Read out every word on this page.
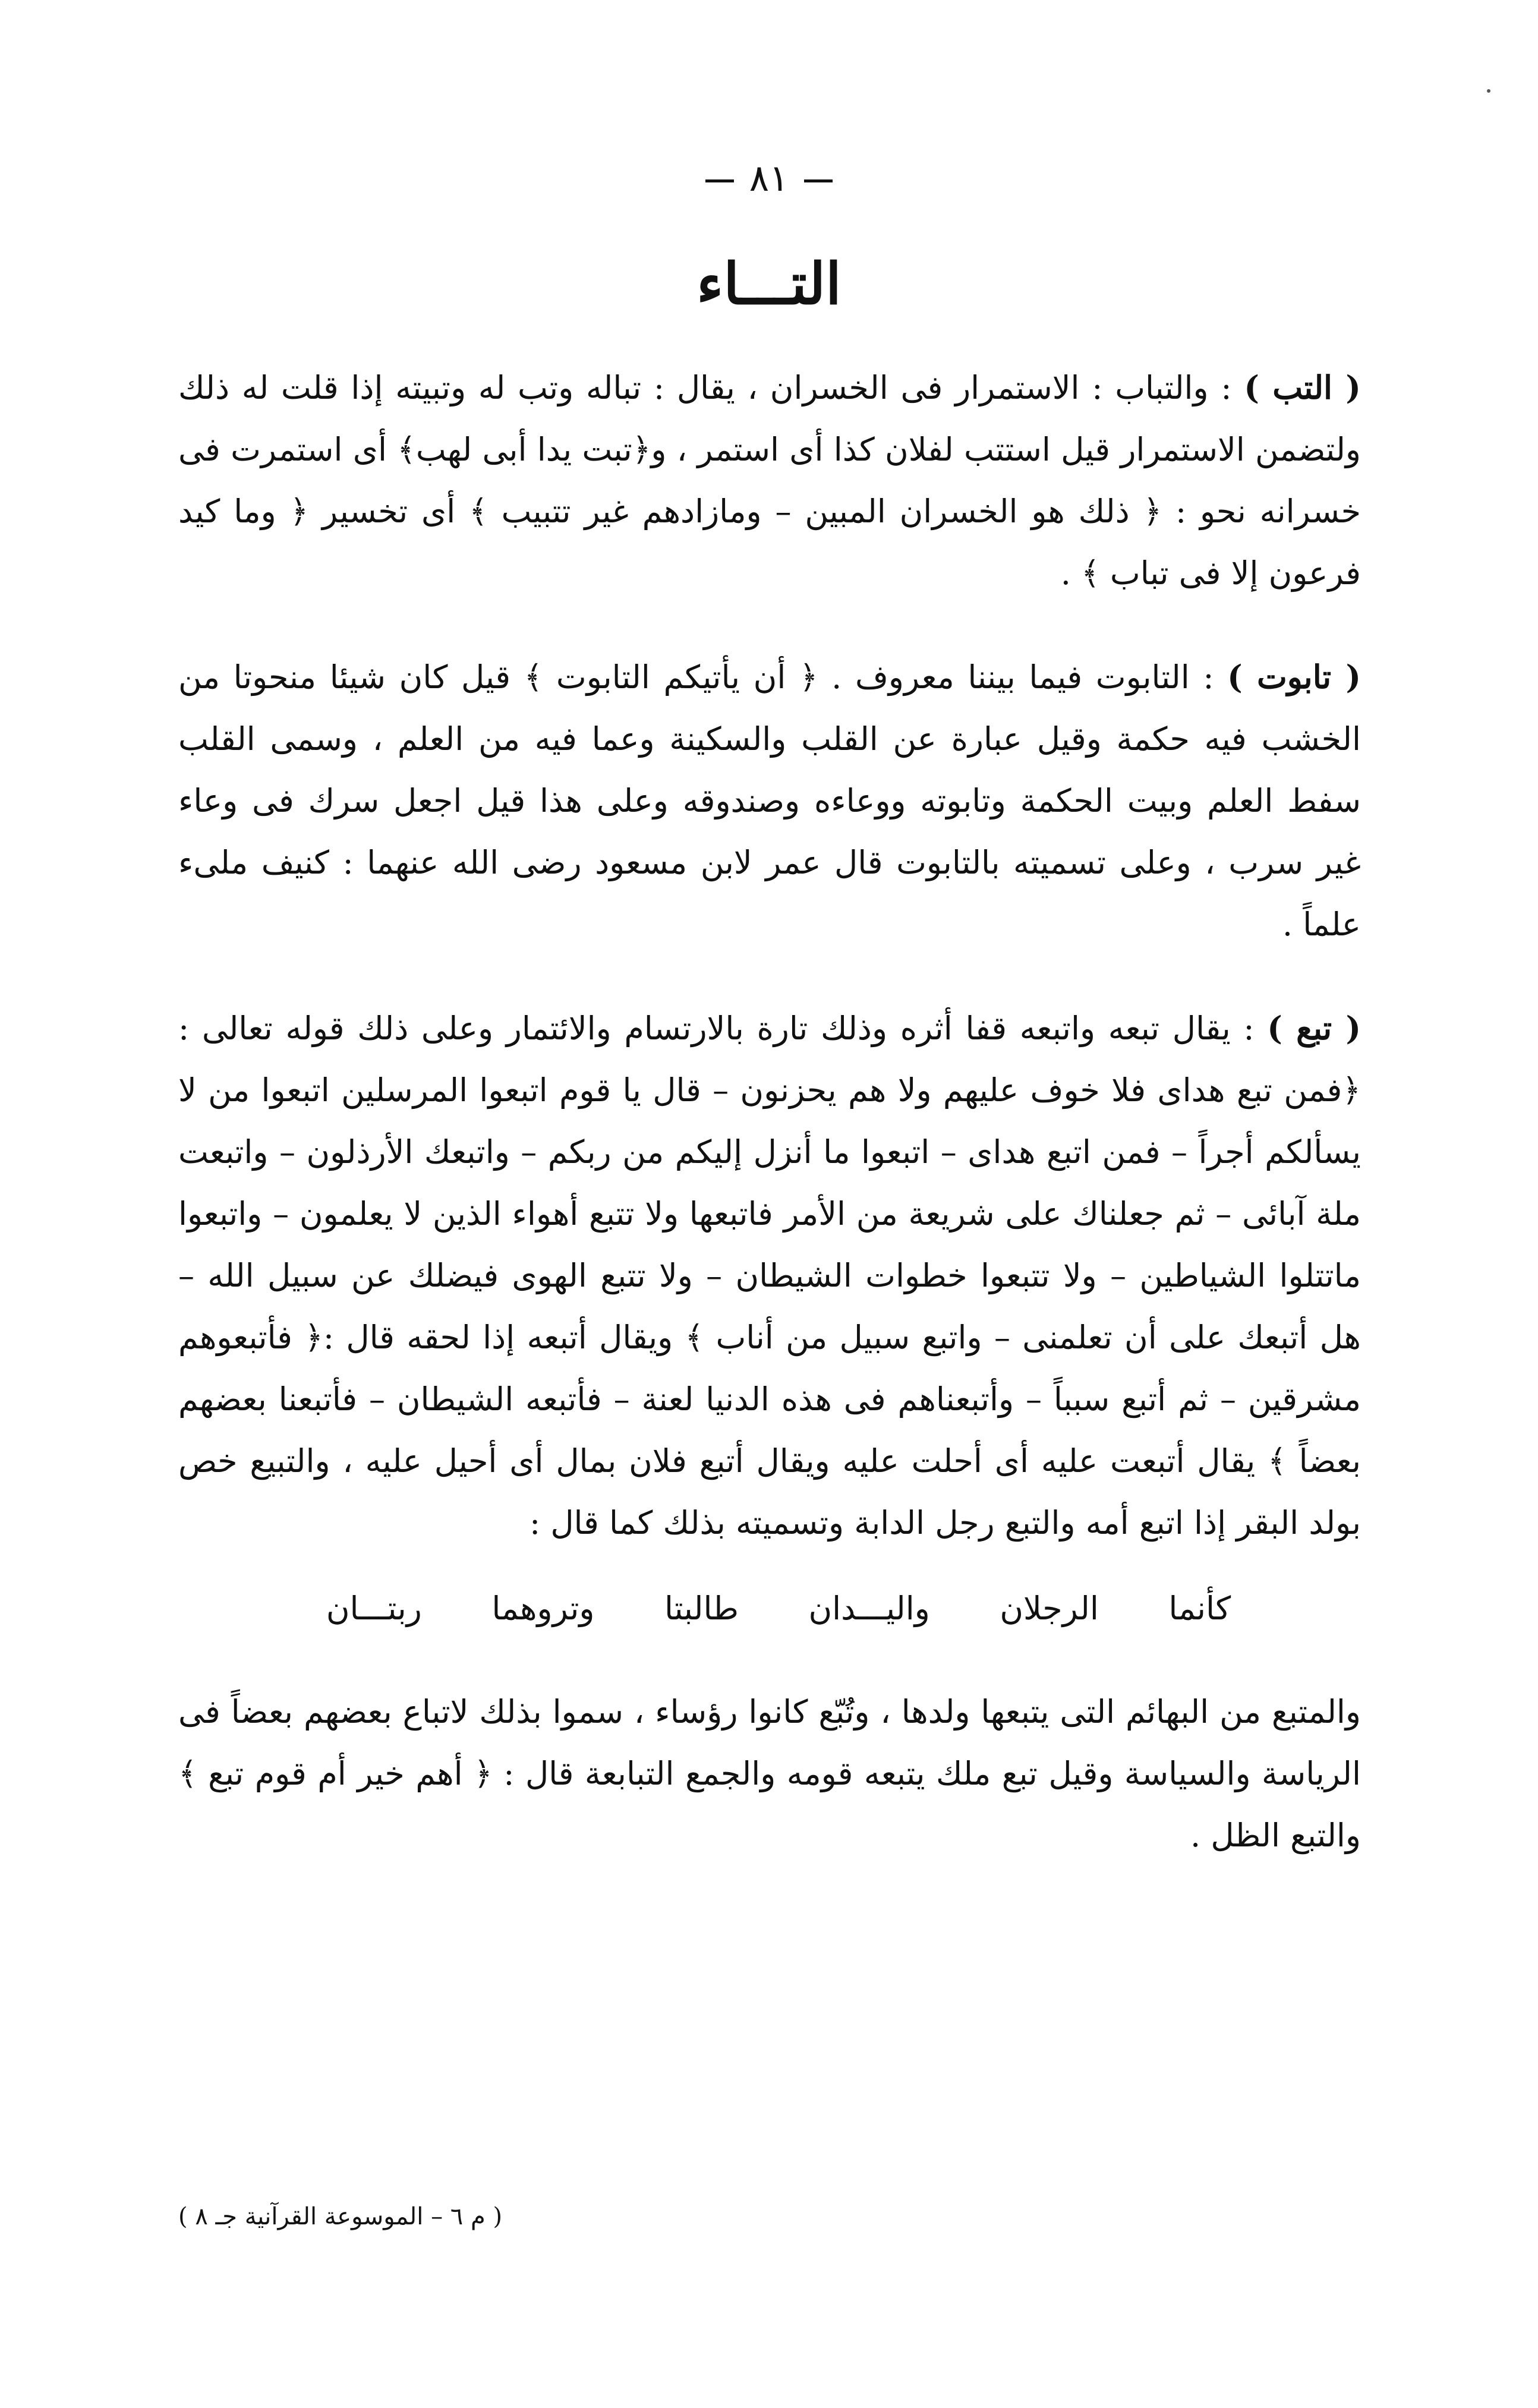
٨١
التـــاء

( التب ) : والتباب : الاستمرار فى الخسران ، يقال : تباله وتب له وتبيته إذا قلت له ذلك ولتضمن الاستمرار قيل استتب لفلان كذا أى استمر ، و﴿تبت يدا أبى لهب﴾ أى استمرت فى خسرانه نحو : ﴿ ذلك هو الخسران المبين – ومازادهم غير تتبيب ﴾ أى تخسير ﴿ وما كيد فرعون إلا فى تباب ﴾ .

( تابوت ) : التابوت فيما بيننا معروف . ﴿ أن يأتيكم التابوت ﴾ قيل كان شيئا منحوتا من الخشب فيه حكمة وقيل عبارة عن القلب والسكينة وعما فيه من العلم ، وسمى القلب سفط العلم وبيت الحكمة وتابوته ووعاءه وصندوقه وعلى هذا قيل اجعل سرك فى وعاء غير سرب ، وعلى تسميته بالتابوت قال عمر لابن مسعود رضى الله عنهما : كنيف ملىء علماً .

( تبع ) : يقال تبعه واتبعه قفا أثره وذلك تارة بالارتسام والائتمار وعلى ذلك قوله تعالى : ﴿فمن تبع هداى فلا خوف عليهم ولا هم يحزنون – قال يا قوم اتبعوا المرسلين اتبعوا من لا يسألكم أجراً – فمن اتبع هداى – اتبعوا ما أنزل إليكم من ربكم – واتبعك الأرذلون – واتبعت ملة آبائى – ثم جعلناك على شريعة من الأمر فاتبعها ولا تتبع أهواء الذين لا يعلمون – واتبعوا ماتتلوا الشياطين – ولا تتبعوا خطوات الشيطان – ولا تتبع الهوى فيضلك عن سبيل الله – هل أتبعك على أن تعلمنى – واتبع سبيل من أناب ﴾ ويقال أتبعه إذا لحقه قال :﴿ فأتبعوهم مشرقين – ثم أتبع سبباً – وأتبعناهم فى هذه الدنيا لعنة – فأتبعه الشيطان – فأتبعنا بعضهم بعضاً ﴾ يقال أتبعت عليه أى أحلت عليه ويقال أتبع فلان بمال أى أحيل عليه ، والتبيع خص بولد البقر إذا اتبع أمه والتبع رجل الدابة وتسميته بذلك كما قال :

كأنما
الرجلان
واليـــدان
طالبتا
وتروهما
ربتـــان

والمتبع من البهائم التى يتبعها ولدها ، وتُبّع كانوا رؤساء ، سموا بذلك لاتباع بعضهم بعضاً فى الرياسة والسياسة وقيل تبع ملك يتبعه قومه والجمع التبابعة قال : ﴿ أهم خير أم قوم تبع ﴾ والتبع الظل .

( م ٦ – الموسوعة القرآنية جـ ٨ )
